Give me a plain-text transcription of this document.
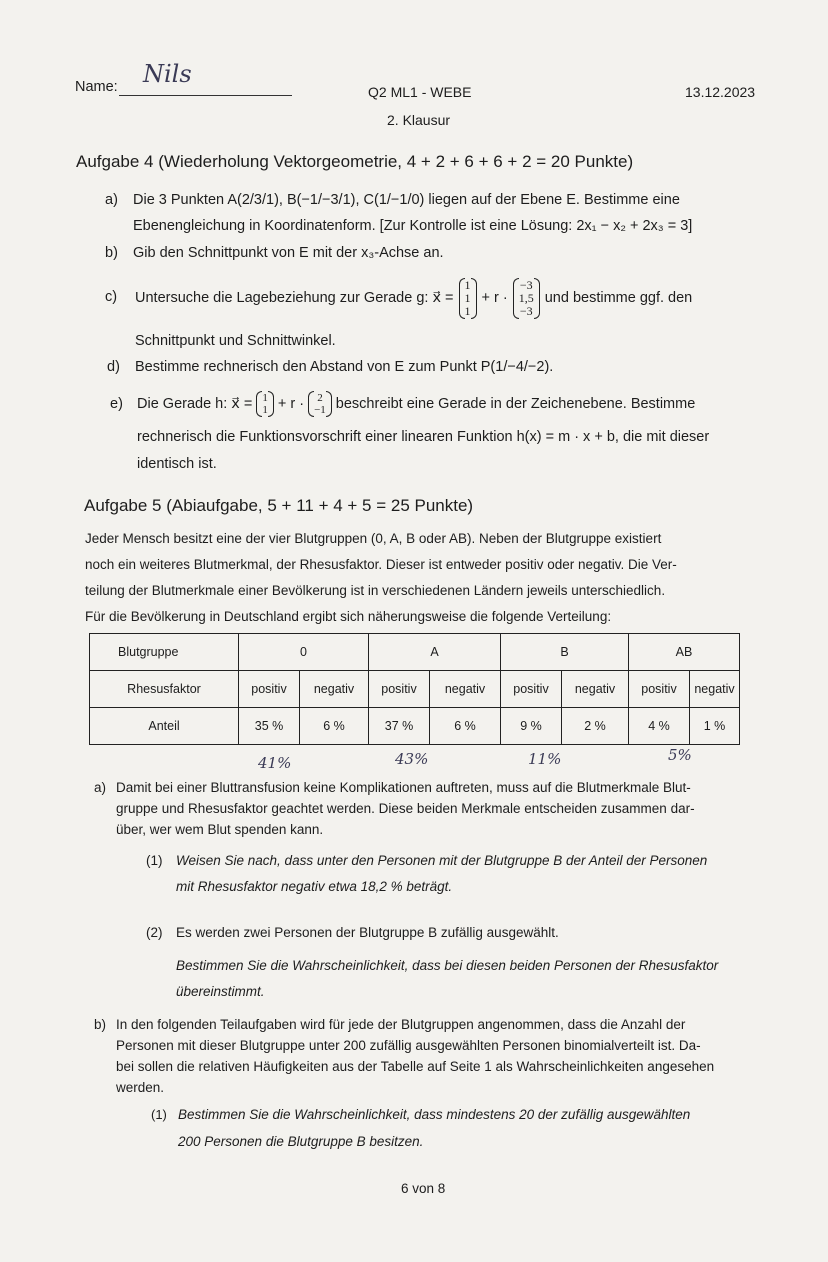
Name: Nils
Q2 ML1 - WEBE
2. Klausur
13.12.2023
Aufgabe 4 (Wiederholung Vektorgeometrie, 4 + 2 + 6 + 6 + 2 = 20 Punkte)
a) Die 3 Punkten A(2/3/1), B(−1/−3/1), C(1/−1/0) liegen auf der Ebene E. Bestimme eine
Ebenengleichung in Koordinatenform. [Zur Kontrolle ist eine Lösung: 2x₁ − x₂ + 2x₃ = 3]
b) Gib den Schnittpunkt von E mit der x₃-Achse an.
c) Untersuche die Lagebeziehung zur Gerade g: x⃗ =
1
1
1
+ r ·
−3
1,5
−3
und bestimme ggf. den
Schnittpunkt und Schnittwinkel.
d) Bestimme rechnerisch den Abstand von E zum Punkt P(1/−4/−2).
e) Die Gerade h: x⃗ = 1
1 + r · 2
−1 beschreibt eine Gerade in der Zeichenebene. Bestimme
rechnerisch die Funktionsvorschrift einer linearen Funktion h(x) = m · x + b, die mit dieser
identisch ist.
Aufgabe 5 (Abiaufgabe, 5 + 11 + 4 + 5 = 25 Punkte)
Jeder Mensch besitzt eine der vier Blutgruppen (0, A, B oder AB). Neben der Blutgruppe existiert
noch ein weiteres Blutmerkmal, der Rhesusfaktor. Dieser ist entweder positiv oder negativ. Die Ver-
teilung der Blutmerkmale einer Bevölkerung ist in verschiedenen Ländern jeweils unterschiedlich.
Für die Bevölkerung in Deutschland ergibt sich näherungsweise die folgende Verteilung:
Blutgruppe	0		A		B		AB	
Rhesusfaktor	positiv	negativ	positiv	negativ	positiv	negativ	positiv	negativ
Anteil	35 %	6 %	37 %	6 %	9 %	2 %	4 %	1 %
41%	43%	11%	5%
a) Damit bei einer Bluttransfusion keine Komplikationen auftreten, muss auf die Blutmerkmale Blut-
gruppe und Rhesusfaktor geachtet werden. Diese beiden Merkmale entscheiden zusammen dar-
über, wer wem Blut spenden kann.
(1) Weisen Sie nach, dass unter den Personen mit der Blutgruppe B der Anteil der Personen
mit Rhesusfaktor negativ etwa 18,2 % beträgt.
(2) Es werden zwei Personen der Blutgruppe B zufällig ausgewählt.
Bestimmen Sie die Wahrscheinlichkeit, dass bei diesen beiden Personen der Rhesusfaktor
übereinstimmt.
b) In den folgenden Teilaufgaben wird für jede der Blutgruppen angenommen, dass die Anzahl der
Personen mit dieser Blutgruppe unter 200 zufällig ausgewählten Personen binomialverteilt ist. Da-
bei sollen die relativen Häufigkeiten aus der Tabelle auf Seite 1 als Wahrscheinlichkeiten angesehen
werden.
(1) Bestimmen Sie die Wahrscheinlichkeit, dass mindestens 20 der zufällig ausgewählten
200 Personen die Blutgruppe B besitzen.
6 von 8
